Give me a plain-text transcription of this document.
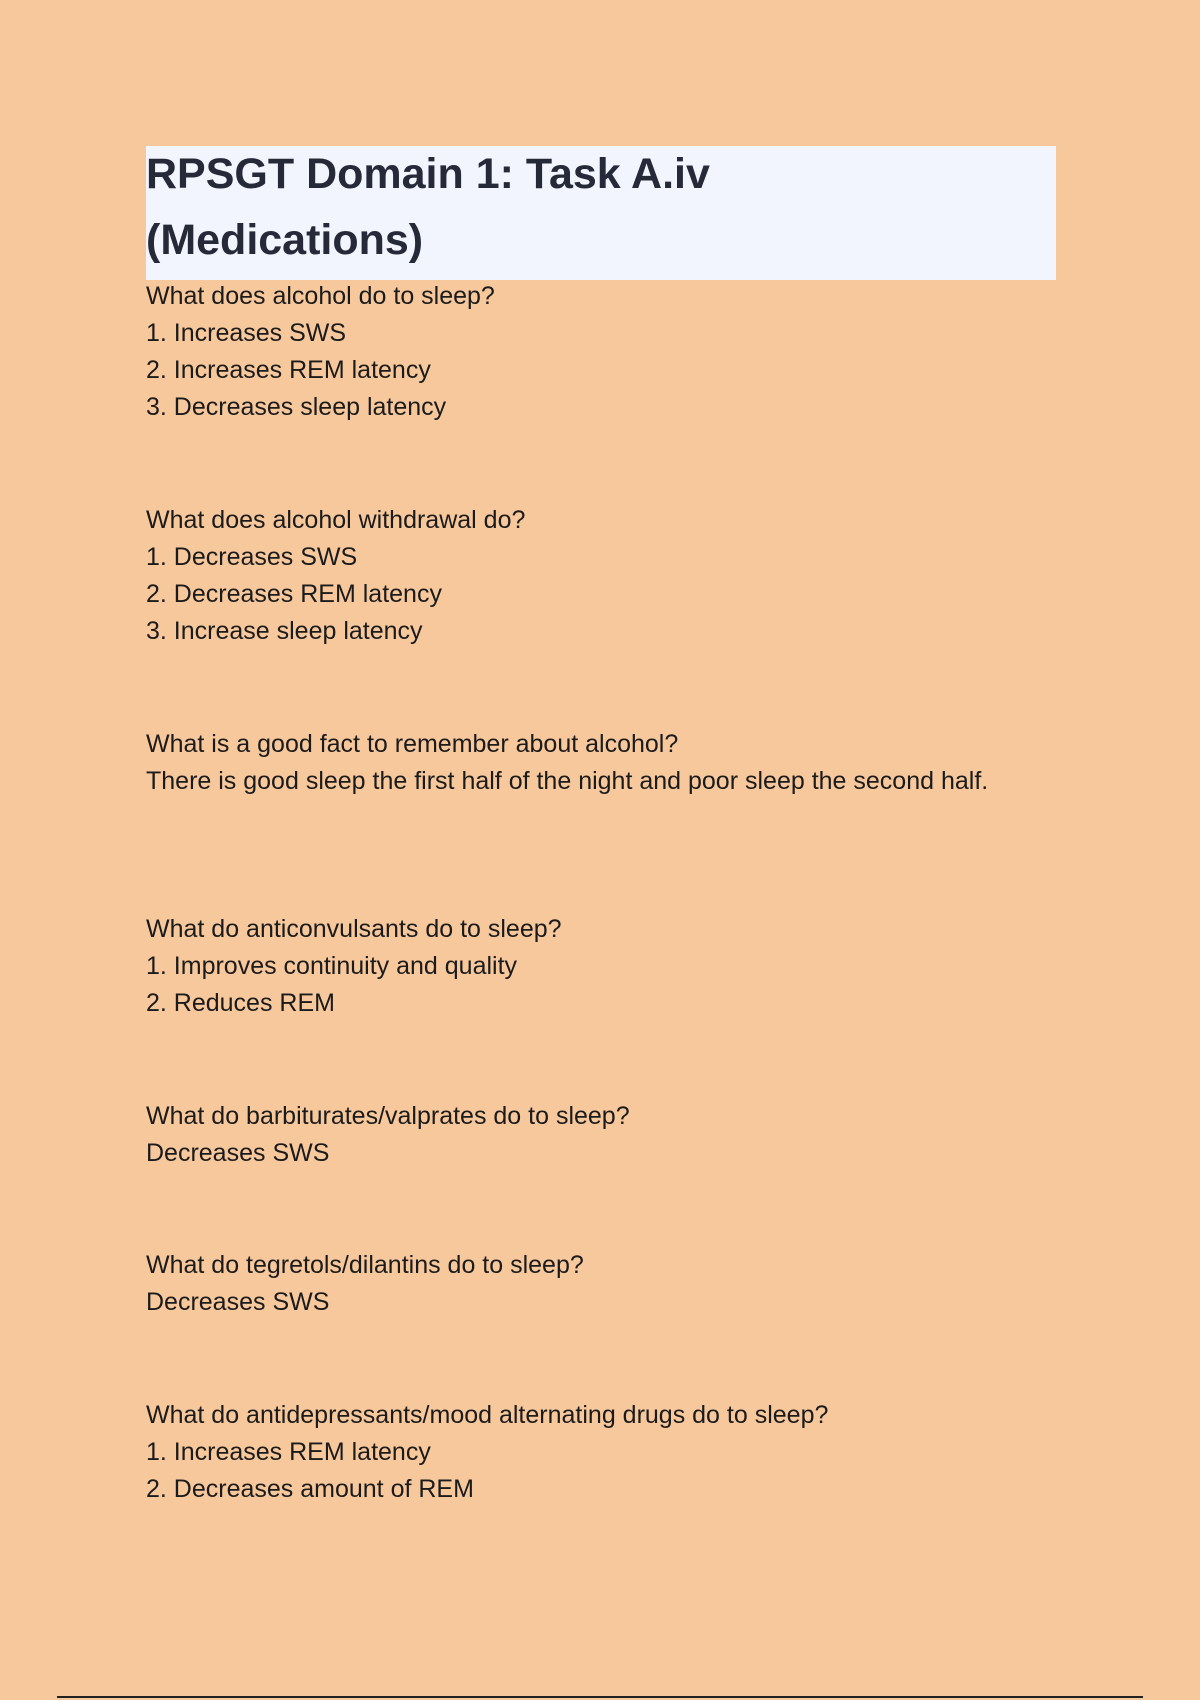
RPSGT Domain 1: Task A.iv
(Medications)
What does alcohol do to sleep?
1. Increases SWS
2. Increases REM latency
3. Decreases sleep latency
What does alcohol withdrawal do?
1. Decreases SWS
2. Decreases REM latency
3. Increase sleep latency
What is a good fact to remember about alcohol?
There is good sleep the first half of the night and poor sleep the second half.
What do anticonvulsants do to sleep?
1. Improves continuity and quality
2. Reduces REM
What do barbiturates/valprates do to sleep?
Decreases SWS
What do tegretols/dilantins do to sleep?
Decreases SWS
What do antidepressants/mood alternating drugs do to sleep?
1. Increases REM latency
2. Decreases amount of REM
